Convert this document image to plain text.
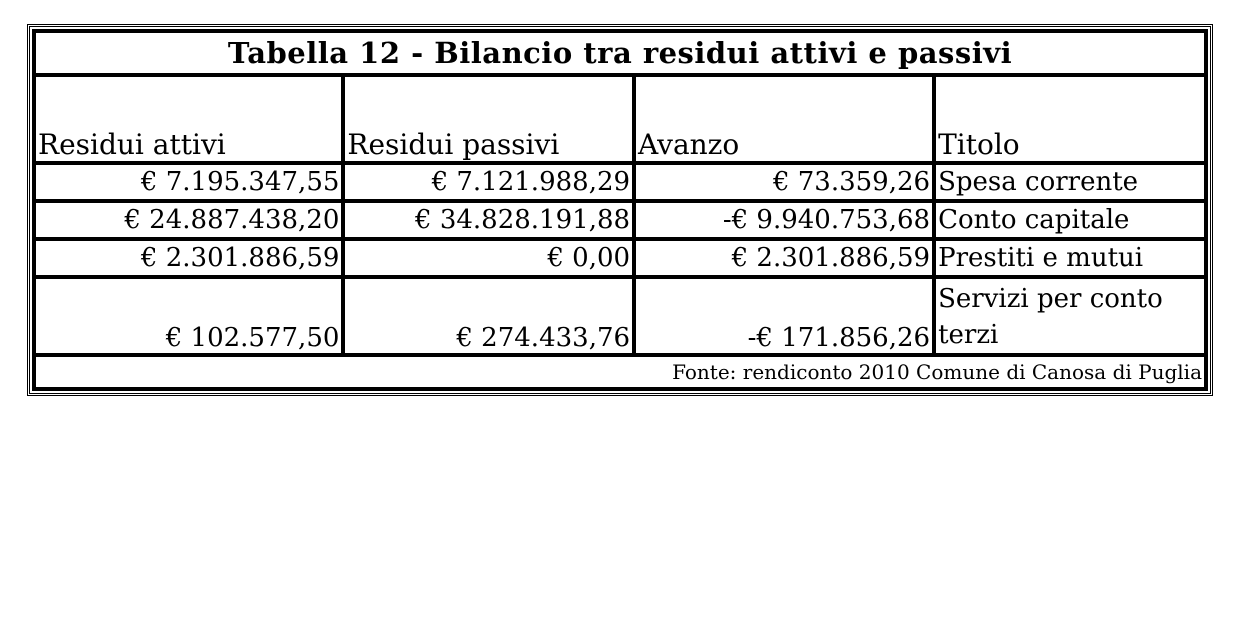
Tabella 12 - Bilancio tra residui attivi e passivi			
Residui attivi	Residui passivi	Avanzo	Titolo
€ 7.195.347,55	€ 7.121.988,29	€ 73.359,26	Spesa corrente
€ 24.887.438,20	€ 34.828.191,88	-€ 9.940.753,68	Conto capitale
€ 2.301.886,59	€ 0,00	€ 2.301.886,59	Prestiti e mutui
€ 102.577,50	€ 274.433,76	-€ 171.856,26	Servizi per conto terzi
Fonte: rendiconto 2010 Comune di Canosa di Puglia			
